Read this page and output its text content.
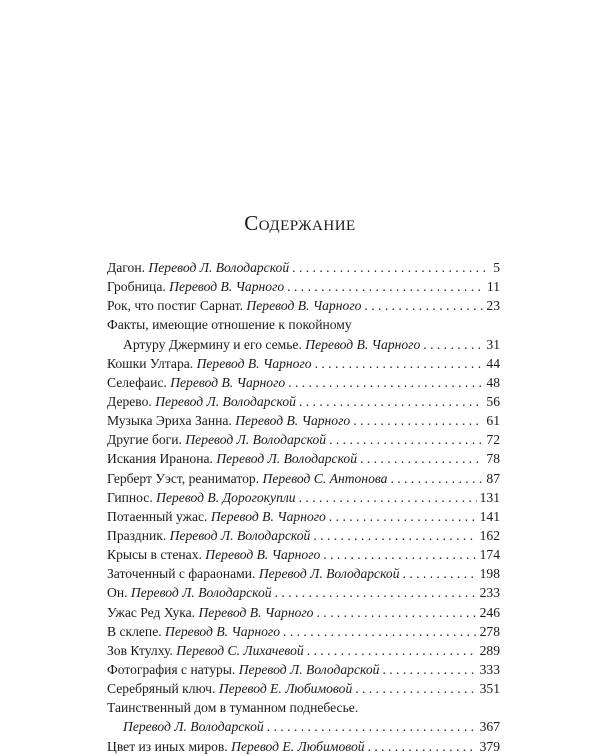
Содержание
Дагон. Перевод Л. Володарской . . .	5
Гробница. Перевод В. Чарного . . .	11
Рок, что постиг Сарнат. Перевод В. Чарного . . .	23
Факты, имеющие отношение к покойному
Артуру Джермину и его семье. Перевод В. Чарного . . .	31
Кошки Ултара. Перевод В. Чарного . . .	44
Селефаис. Перевод В. Чарного . . .	48
Дерево. Перевод Л. Володарской . . .	56
Музыка Эриха Занна. Перевод В. Чарного . . .	61
Другие боги. Перевод Л. Володарской . . .	72
Искания Иранона. Перевод Л. Володарской . . .	78
Герберт Уэст, реаниматор. Перевод С. Антонова . . .	87
Гипнос. Перевод В. Дорогокупли . . .	131
Потаенный ужас. Перевод В. Чарного . . .	141
Праздник. Перевод Л. Володарской . . .	162
Крысы в стенах. Перевод В. Чарного . . .	174
Заточенный с фараонами. Перевод Л. Володарской . . .	198
Он. Перевод Л. Володарской . . .	233
Ужас Ред Хука. Перевод В. Чарного . . .	246
В склепе. Перевод В. Чарного . . .	278
Зов Ктулху. Перевод С. Лихачевой . . .	289
Фотография с натуры. Перевод Л. Володарской . . .	333
Серебряный ключ. Перевод Е. Любимовой . . .	351
Таинственный дом в туманном поднебесье.
Перевод Л. Володарской . . .	367
Цвет из иных миров. Перевод Е. Любимовой . . .	379
